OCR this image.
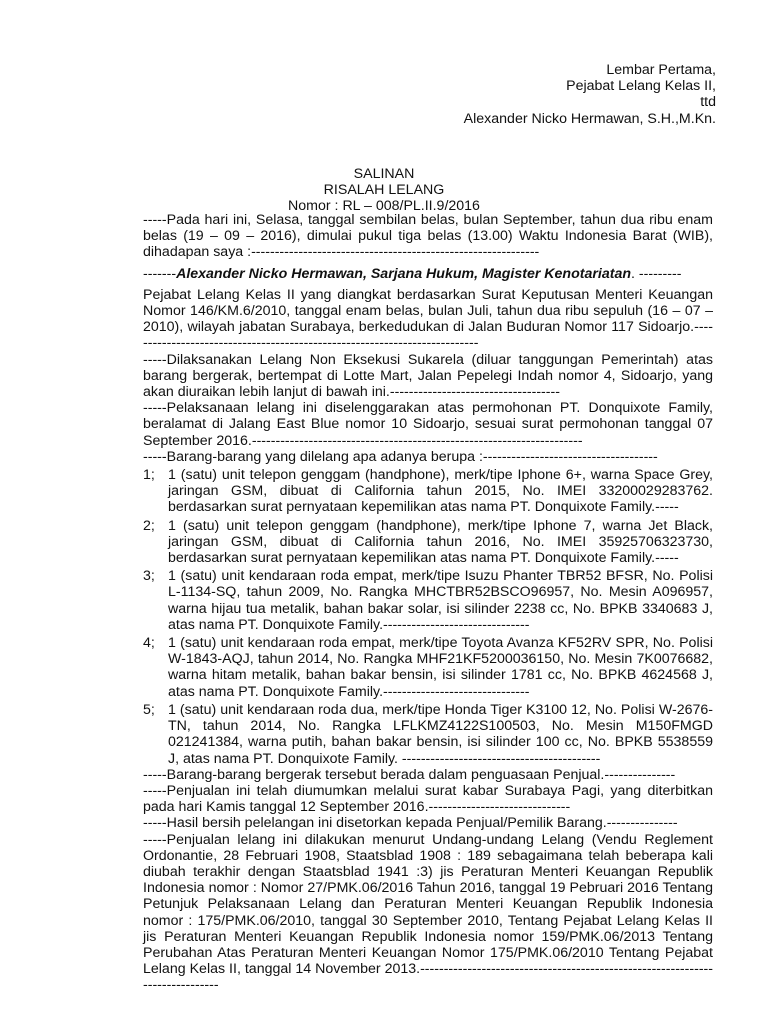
Lembar Pertama,
Pejabat Lelang Kelas II,
ttd
Alexander Nicko Hermawan, S.H.,M.Kn.
SALINAN
RISALAH LELANG
Nomor : RL – 008/PL.II.9/2016

-----Pada hari ini, Selasa, tanggal sembilan belas, bulan September, tahun dua ribu enam belas (19 – 09 – 2016), dimulai pukul tiga belas (13.00) Waktu Indonesia Barat (WIB), dihadapan saya :-------------------------------------------------------------

-------Alexander Nicko Hermawan, Sarjana Hukum, Magister Kenotariatan. ---------

Pejabat Lelang Kelas II yang diangkat berdasarkan Surat Keputusan Menteri Keuangan Nomor 146/KM.6/2010, tanggal enam belas, bulan Juli, tahun dua ribu sepuluh (16 – 07 – 2010), wilayah jabatan Surabaya, berkedudukan di Jalan Buduran Nomor 117 Sidoarjo.---------------------------------------------------------------------------

-----Dilaksanakan Lelang Non Eksekusi Sukarela (diluar tanggungan Pemerintah) atas barang bergerak, bertempat di Lotte Mart, Jalan Pepelegi Indah nomor 4, Sidoarjo, yang akan diuraikan lebih lanjut di bawah ini.------------------------------------

-----Pelaksanaan lelang ini diselenggarakan atas permohonan PT. Donquixote Family, beralamat di Jalang East Blue nomor 10 Sidoarjo, sesuai surat permohonan tanggal 07 September 2016.----------------------------------------------------------------------

-----Barang-barang yang dilelang apa adanya berupa :-------------------------------------

1; 1 (satu) unit telepon genggam (handphone), merk/tipe Iphone 6+, warna Space Grey, jaringan GSM, dibuat di California tahun 2015, No. IMEI 33200029283762. berdasarkan surat pernyataan kepemilikan atas nama PT. Donquixote Family.-----
2; 1 (satu) unit telepon genggam (handphone), merk/tipe Iphone 7, warna Jet Black, jaringan GSM, dibuat di California tahun 2016, No. IMEI 35925706323730, berdasarkan surat pernyataan kepemilikan atas nama PT. Donquixote Family.-----
3; 1 (satu) unit kendaraan roda empat, merk/tipe Isuzu Phanter TBR52 BFSR, No. Polisi L-1134-SQ, tahun 2009, No. Rangka MHCTBR52BSCO96957, No. Mesin A096957, warna hijau tua metalik, bahan bakar solar, isi silinder 2238 cc, No. BPKB 3340683 J, atas nama PT. Donquixote Family.-------------------------------
4; 1 (satu) unit kendaraan roda empat, merk/tipe Toyota Avanza KF52RV SPR, No. Polisi W-1843-AQJ, tahun 2014, No. Rangka MHF21KF5200036150, No. Mesin 7K0076682, warna hitam metalik, bahan bakar bensin, isi silinder 1781 cc, No. BPKB 4624568 J, atas nama PT. Donquixote Family.-------------------------------
5; 1 (satu) unit kendaraan roda dua, merk/tipe Honda Tiger K3100 12, No. Polisi W-2676-TN, tahun 2014, No. Rangka LFLKMZ4122S100503, No. Mesin M150FMGD 021241384, warna putih, bahan bakar bensin, isi silinder 100 cc, No. BPKB 5538559 J, atas nama PT. Donquixote Family. ------------------------------------------

-----Barang-barang bergerak tersebut berada dalam penguasaan Penjual.---------------

-----Penjualan ini telah diumumkan melalui surat kabar Surabaya Pagi, yang diterbitkan pada hari Kamis tanggal 12 September 2016.------------------------------

-----Hasil bersih pelelangan ini disetorkan kepada Penjual/Pemilik Barang.---------------

-----Penjualan lelang ini dilakukan menurut Undang-undang Lelang (Vendu Reglement Ordonantie, 28 Februari 1908, Staatsblad 1908 : 189 sebagaimana telah beberapa kali diubah terakhir dengan Staatsblad 1941 :3) jis Peraturan Menteri Keuangan Republik Indonesia nomor : Nomor 27/PMK.06/2016 Tahun 2016, tanggal 19 Pebruari 2016 Tentang Petunjuk Pelaksanaan Lelang dan Peraturan Menteri Keuangan Republik Indonesia nomor : 175/PMK.06/2010, tanggal 30 September 2010, Tentang Pejabat Lelang Kelas II jis Peraturan Menteri Keuangan Republik Indonesia nomor 159/PMK.06/2013 Tentang Perubahan Atas Peraturan Menteri Keuangan Nomor 175/PMK.06/2010 Tentang Pejabat Lelang Kelas II, tanggal 14 November 2013.------------------------------------------------------------------------------
